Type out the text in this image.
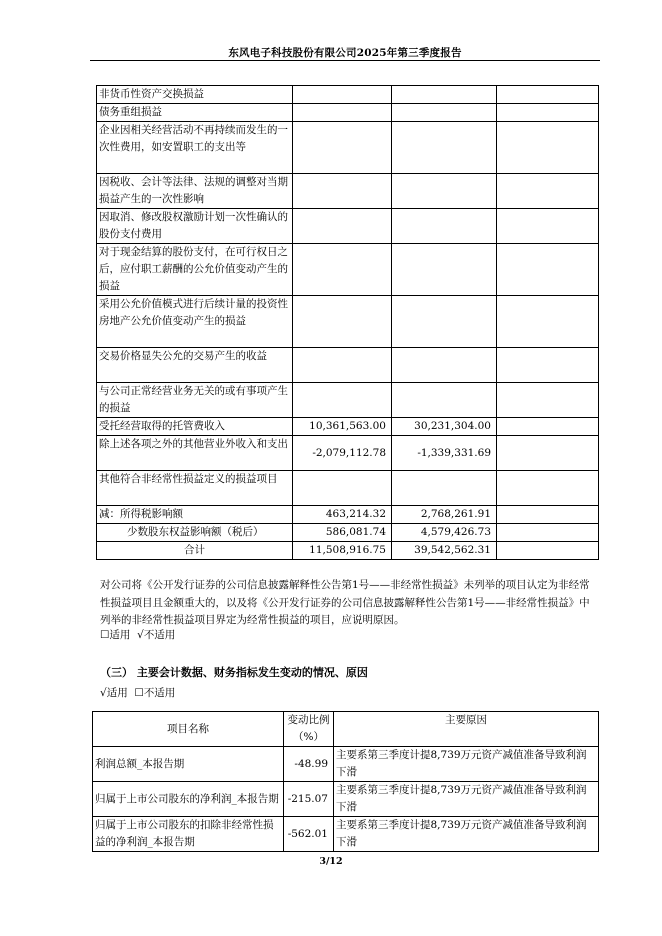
东风电子科技股份有限公司2025年第三季度报告
非货币性资产交换损益			
债务重组损益			
企业因相关经营活动不再持续而发生的一次性费用，如安置职工的支出等			
因税收、会计等法律、法规的调整对当期损益产生的一次性影响			
因取消、修改股权激励计划一次性确认的股份支付费用			
对于现金结算的股份支付，在可行权日之后，应付职工薪酬的公允价值变动产生的损益			
采用公允价值模式进行后续计量的投资性房地产公允价值变动产生的损益			
交易价格显失公允的交易产生的收益			
与公司正常经营业务无关的或有事项产生的损益			
受托经营取得的托管费收入	10,361,563.00	30,231,304.00	
除上述各项之外的其他营业外收入和支出	-2,079,112.78	-1,339,331.69	
其他符合非经常性损益定义的损益项目			
减：所得税影响额	463,214.32	2,768,261.91	
少数股东权益影响额（税后）	586,081.74	4,579,426.73	
合计	11,508,916.75	39,542,562.31	
对公司将《公开发行证券的公司信息披露解释性公告第1号——非经常性损益》未列举的项目认定为非经常性损益项目且金额重大的，以及将《公开发行证券的公司信息披露解释性公告第1号——非经常性损益》中列举的非经常性损益项目界定为经常性损益的项目，应说明原因。
☐适用 √不适用
（三） 主要会计数据、财务指标发生变动的情况、原因
√适用 ☐不适用
项目名称	变动比例（%）	主要原因
利润总额_本报告期	-48.99	主要系第三季度计提8,739万元资产减值准备导致利润下滑
归属于上市公司股东的净利润_本报告期	-215.07	主要系第三季度计提8,739万元资产减值准备导致利润下滑
归属于上市公司股东的扣除非经常性损益的净利润_本报告期	-562.01	主要系第三季度计提8,739万元资产减值准备导致利润下滑
3/12
